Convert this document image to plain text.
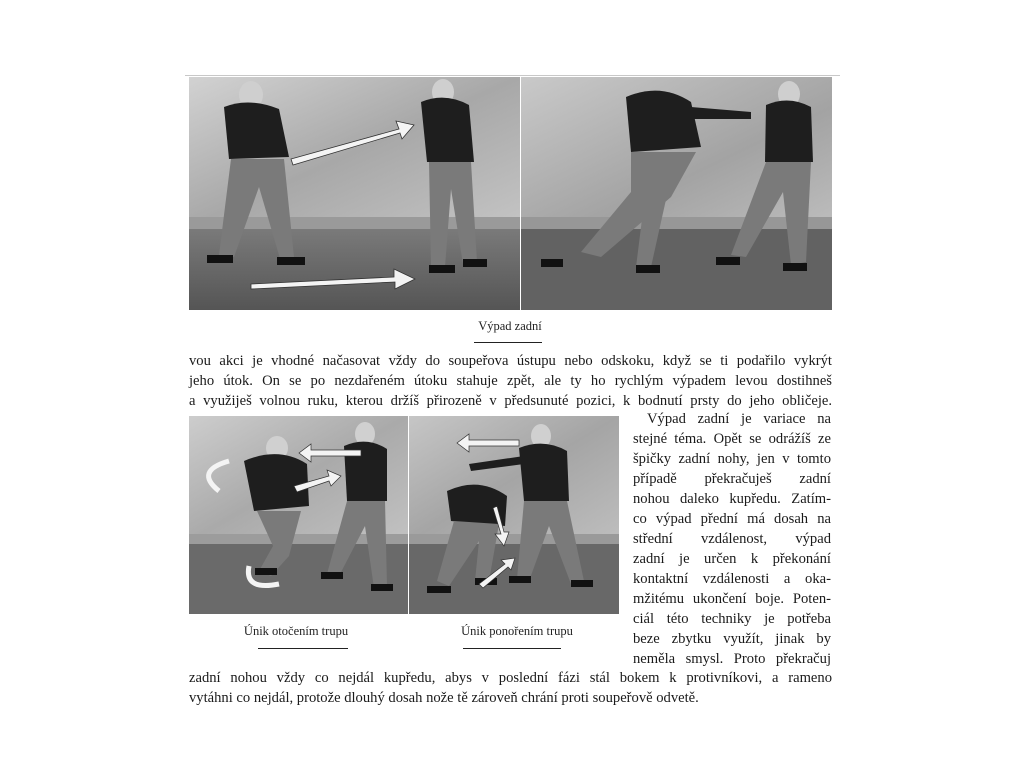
Výpad zadní
vou akci je vhodné načasovat vždy do soupeřova ústupu nebo odskoku, když se ti podařilo vykrýt
jeho útok. On se po nezdařeném útoku stahuje zpět, ale ty ho rychlým výpadem levou dostihneš
a využiješ volnou ruku, kterou držíš přirozeně v předsunuté pozici, k bodnutí prsty do jeho obličeje.
Únik otočením trupu	Únik ponořením trupu
Výpad zadní je variace na
stejné téma. Opět se odrážíš ze
špičky zadní nohy, jen v tomto
případě překračuješ zadní
nohou daleko kupředu. Zatím-
co výpad přední má dosah na
střední vzdálenost, výpad
zadní je určen k překonání
kontaktní vzdálenosti a oka-
mžitému ukončení boje. Poten-
ciál této techniky je potřeba
beze zbytku využít, jinak by
neměla smysl. Proto překračuj
zadní nohou vždy co nejdál kupředu, abys v poslední fázi stál bokem k protivníkovi, a rameno
vytáhni co nejdál, protože dlouhý dosah nože tě zároveň chrání proti soupeřově odvetě.
